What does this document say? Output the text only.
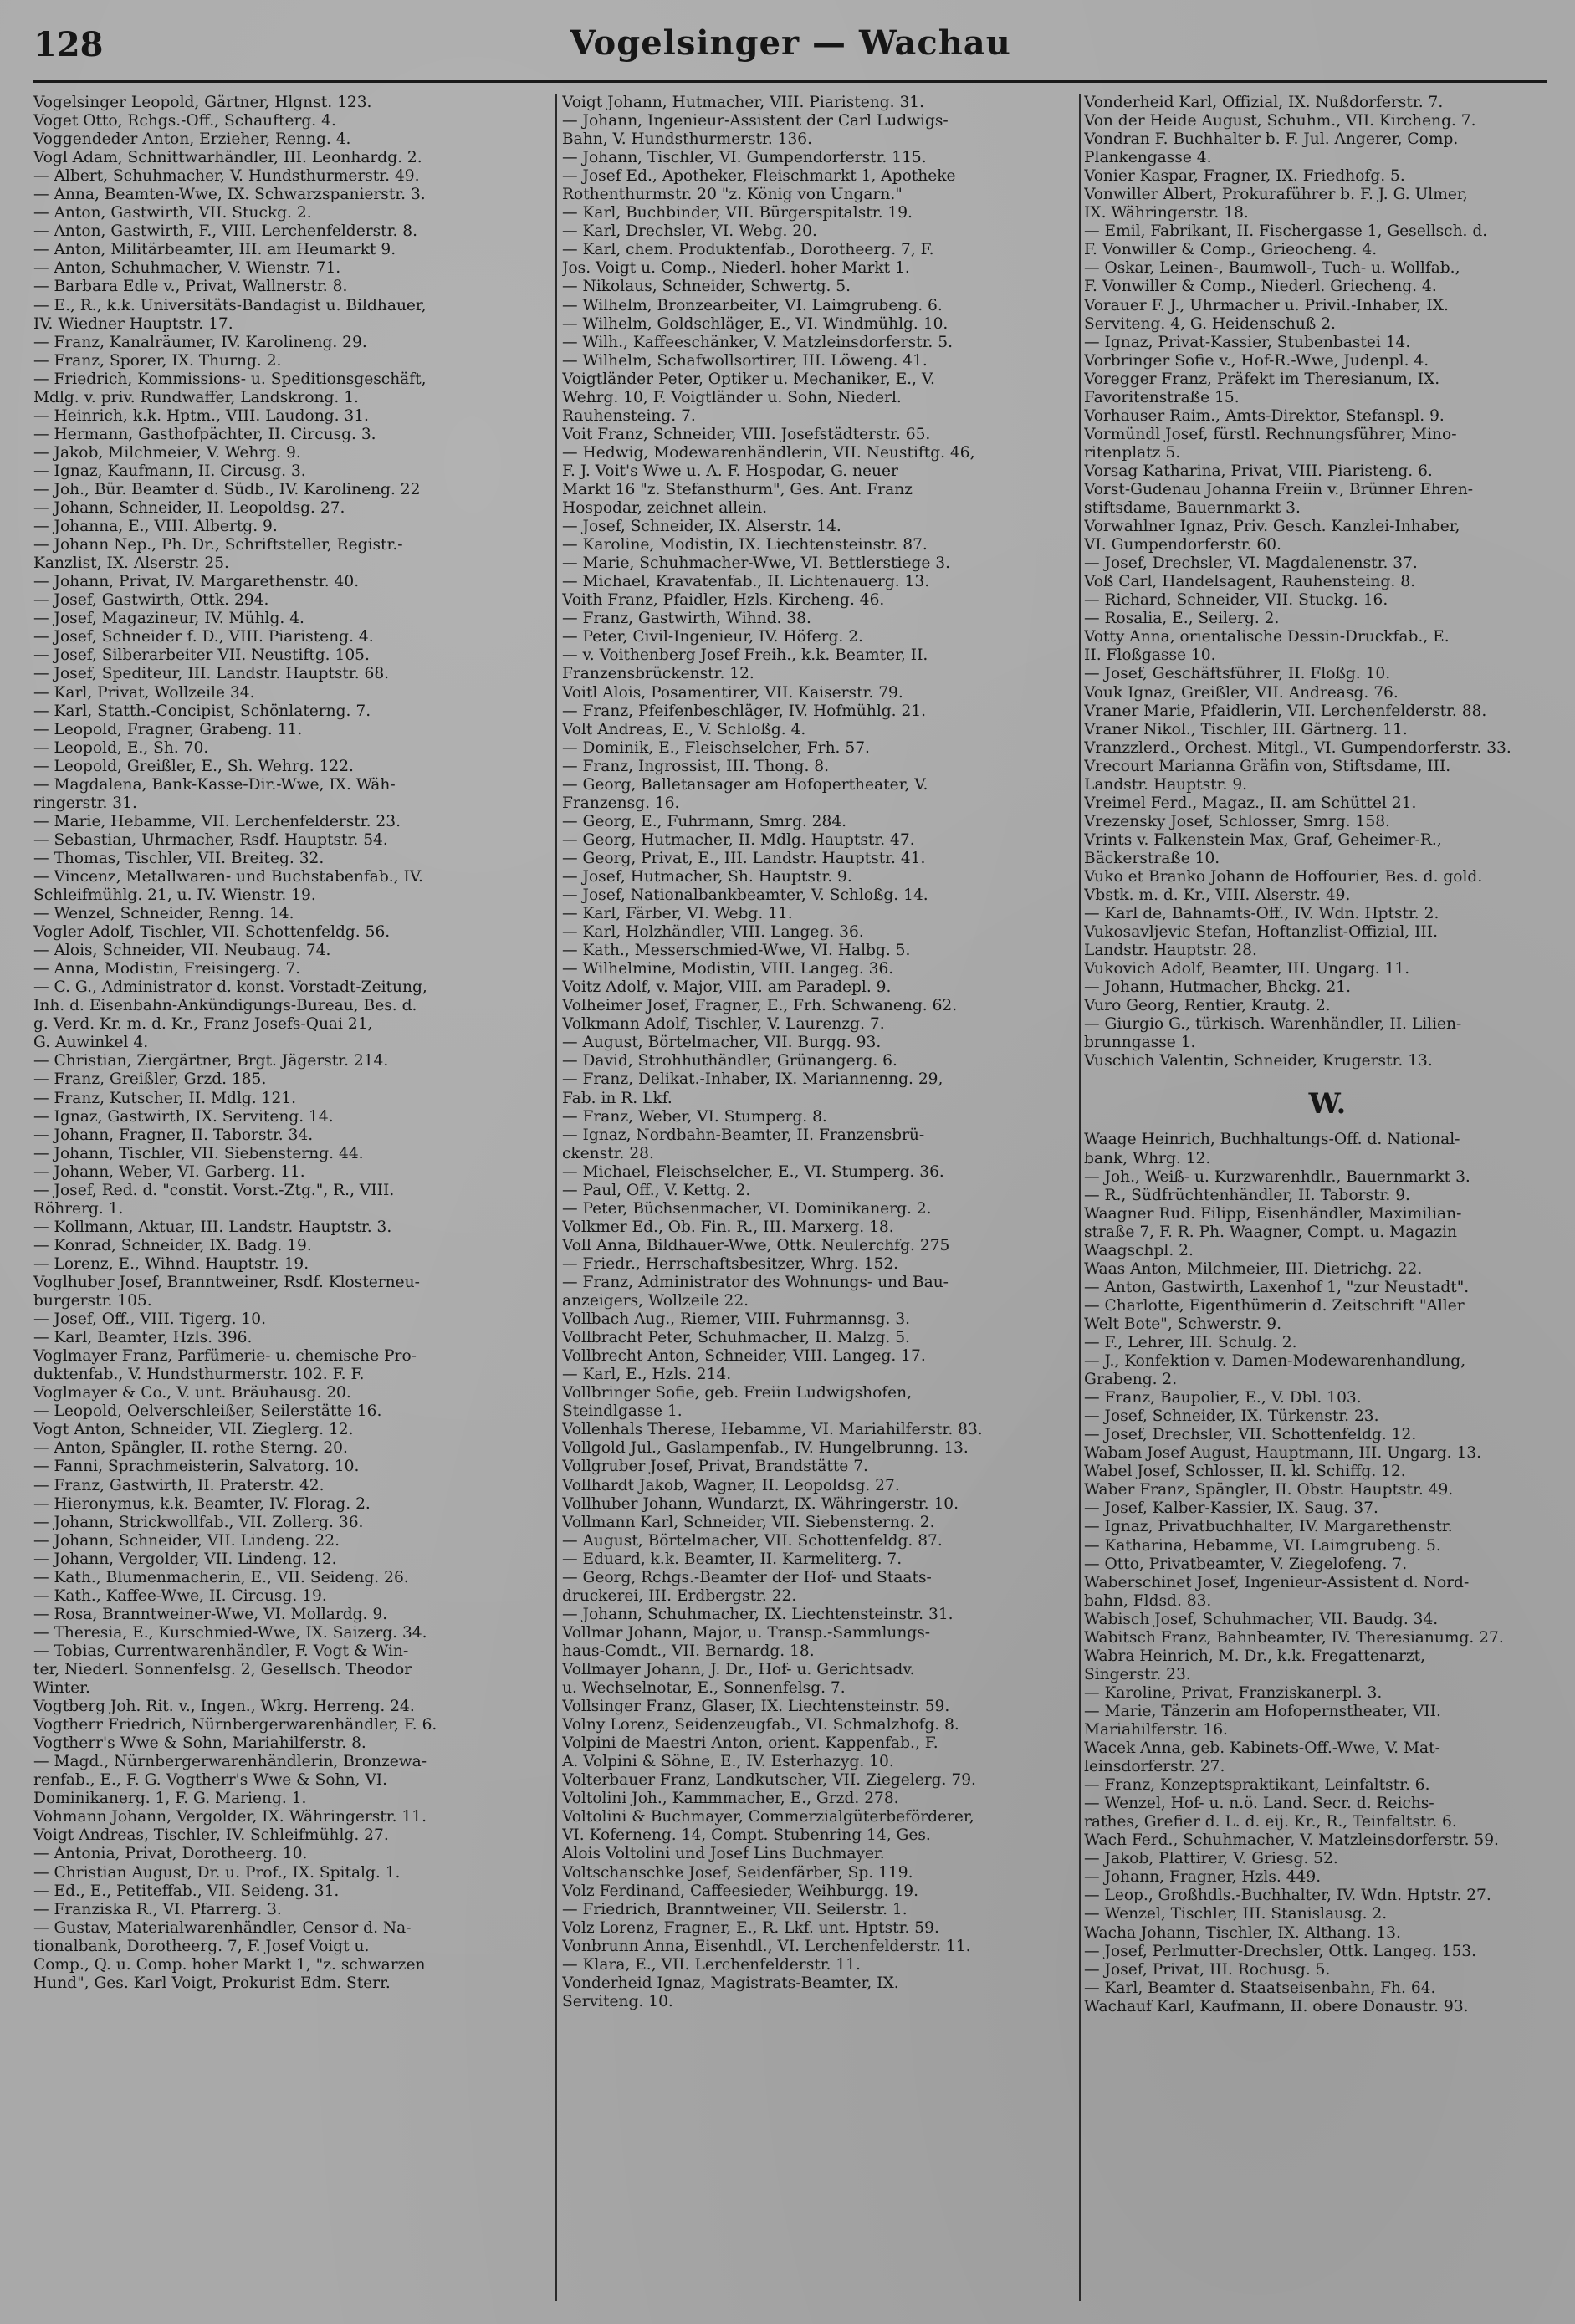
128	Vogelsinger — Wachau
Vogelsinger Leopold, Gärtner, Hlgnst. 123.
Voget Otto, Rchgs.-Off., Schaufterg. 4.
Voggendeder Anton, Erzieher, Renng. 4.
Vogl Adam, Schnittwarhändler, III. Leonhardg. 2.
— Albert, Schuhmacher, V. Hundsthurmerstr. 49.
— Anna, Beamten-Wwe, IX. Schwarzspanierstr. 3.
— Anton, Gastwirth, VII. Stuckg. 2.
— Anton, Gastwirth, F., VIII. Lerchenfelderstr. 8.
— Anton, Militärbeamter, III. am Heumarkt 9.
— Anton, Schuhmacher, V. Wienstr. 71.
— Barbara Edle v., Privat, Wallnerstr. 8.
— E., R., k.k. Universitäts-Bandagist u. Bildhauer,
IV. Wiedner Hauptstr. 17.
— Franz, Kanalräumer, IV. Karolineng. 29.
— Franz, Sporer, IX. Thurng. 2.
— Friedrich, Kommissions- u. Speditionsgeschäft,
Mdlg. v. priv. Rundwaffer, Landskrong. 1.
— Heinrich, k.k. Hptm., VIII. Laudong. 31.
— Hermann, Gasthofpächter, II. Circusg. 3.
— Jakob, Milchmeier, V. Wehrg. 9.
— Ignaz, Kaufmann, II. Circusg. 3.
— Joh., Bür. Beamter d. Südb., IV. Karolineng. 22
— Johann, Schneider, II. Leopoldsg. 27.
— Johanna, E., VIII. Albertg. 9.
— Johann Nep., Ph. Dr., Schriftsteller, Registr.-
Kanzlist, IX. Alserstr. 25.
— Johann, Privat, IV. Margarethenstr. 40.
— Josef, Gastwirth, Ottk. 294.
— Josef, Magazineur, IV. Mühlg. 4.
— Josef, Schneider f. D., VIII. Piaristeng. 4.
— Josef, Silberarbeiter VII. Neustiftg. 105.
— Josef, Spediteur, III. Landstr. Hauptstr. 68.
— Karl, Privat, Wollzeile 34.
— Karl, Statth.-Concipist, Schönlaterng. 7.
— Leopold, Fragner, Grabeng. 11.
— Leopold, E., Sh. 70.
— Leopold, Greißler, E., Sh. Wehrg. 122.
— Magdalena, Bank-Kasse-Dir.-Wwe, IX. Wäh-
ringerstr. 31.
— Marie, Hebamme, VII. Lerchenfelderstr. 23.
— Sebastian, Uhrmacher, Rsdf. Hauptstr. 54.
— Thomas, Tischler, VII. Breiteg. 32.
— Vincenz, Metallwaren- und Buchstabenfab., IV.
Schleifmühlg. 21, u. IV. Wienstr. 19.
— Wenzel, Schneider, Renng. 14.
Vogler Adolf, Tischler, VII. Schottenfeldg. 56.
— Alois, Schneider, VII. Neubaug. 74.
— Anna, Modistin, Freisingerg. 7.
— C. G., Administrator d. konst. Vorstadt-Zeitung,
Inh. d. Eisenbahn-Ankündigungs-Bureau, Bes. d.
g. Verd. Kr. m. d. Kr., Franz Josefs-Quai 21,
G. Auwinkel 4.
— Christian, Ziergärtner, Brgt. Jägerstr. 214.
— Franz, Greißler, Grzd. 185.
— Franz, Kutscher, II. Mdlg. 121.
— Ignaz, Gastwirth, IX. Serviteng. 14.
— Johann, Fragner, II. Taborstr. 34.
— Johann, Tischler, VII. Siebensterng. 44.
— Johann, Weber, VI. Garberg. 11.
— Josef, Red. d. "constit. Vorst.-Ztg.", R., VIII.
Röhrerg. 1.
— Kollmann, Aktuar, III. Landstr. Hauptstr. 3.
— Konrad, Schneider, IX. Badg. 19.
— Lorenz, E., Wihnd. Hauptstr. 19.
Voglhuber Josef, Branntweiner, Rsdf. Klosterneu-
burgerstr. 105.
— Josef, Off., VIII. Tigerg. 10.
— Karl, Beamter, Hzls. 396.
Voglmayer Franz, Parfümerie- u. chemische Pro-
duktenfab., V. Hundsthurmerstr. 102. F. F.
Voglmayer & Co., V. unt. Bräuhausg. 20.
— Leopold, Oelverschleißer, Seilerstätte 16.
Vogt Anton, Schneider, VII. Zieglerg. 12.
— Anton, Spängler, II. rothe Sterng. 20.
— Fanni, Sprachmeisterin, Salvatorg. 10.
— Franz, Gastwirth, II. Praterstr. 42.
— Hieronymus, k.k. Beamter, IV. Florag. 2.
— Johann, Strickwollfab., VII. Zollerg. 36.
— Johann, Schneider, VII. Lindeng. 22.
— Johann, Vergolder, VII. Lindeng. 12.
— Kath., Blumenmacherin, E., VII. Seideng. 26.
— Kath., Kaffee-Wwe, II. Circusg. 19.
— Rosa, Branntweiner-Wwe, VI. Mollardg. 9.
— Theresia, E., Kurschmied-Wwe, IX. Saizerg. 34.
— Tobias, Currentwarenhändler, F. Vogt & Win-
ter, Niederl. Sonnenfelsg. 2, Gesellsch. Theodor
Winter.
Vogtberg Joh. Rit. v., Ingen., Wkrg. Herreng. 24.
Vogtherr Friedrich, Nürnbergerwarenhändler, F. 6.
Vogtherr's Wwe & Sohn, Mariahilferstr. 8.
— Magd., Nürnbergerwarenhändlerin, Bronzewa-
renfab., E., F. G. Vogtherr's Wwe & Sohn, VI.
Dominikanerg. 1, F. G. Marieng. 1.
Vohmann Johann, Vergolder, IX. Währingerstr. 11.
Voigt Andreas, Tischler, IV. Schleifmühlg. 27.
— Antonia, Privat, Dorotheerg. 10.
— Christian August, Dr. u. Prof., IX. Spitalg. 1.
— Ed., E., Petiteffab., VII. Seideng. 31.
— Franziska R., VI. Pfarrerg. 3.
— Gustav, Materialwarenhändler, Censor d. Na-
tionalbank, Dorotheerg. 7, F. Josef Voigt u.
Comp., Q. u. Comp. hoher Markt 1, "z. schwarzen
Hund", Ges. Karl Voigt, Prokurist Edm. Sterr.
Voigt Johann, Hutmacher, VIII. Piaristeng. 31.
— Johann, Ingenieur-Assistent der Carl Ludwigs-
Bahn, V. Hundsthurmerstr. 136.
— Johann, Tischler, VI. Gumpendorferstr. 115.
— Josef Ed., Apotheker, Fleischmarkt 1, Apotheke
Rothenthurmstr. 20 "z. König von Ungarn."
— Karl, Buchbinder, VII. Bürgerspitalstr. 19.
— Karl, Drechsler, VI. Webg. 20.
— Karl, chem. Produktenfab., Dorotheerg. 7, F.
Jos. Voigt u. Comp., Niederl. hoher Markt 1.
— Nikolaus, Schneider, Schwertg. 5.
— Wilhelm, Bronzearbeiter, VI. Laimgrubeng. 6.
— Wilhelm, Goldschläger, E., VI. Windmühlg. 10.
— Wilh., Kaffeeschänker, V. Matzleinsdorferstr. 5.
— Wilhelm, Schafwollsortirer, III. Löweng. 41.
Voigtländer Peter, Optiker u. Mechaniker, E., V.
Wehrg. 10, F. Voigtländer u. Sohn, Niederl.
Rauhensteing. 7.
Voit Franz, Schneider, VIII. Josefstädterstr. 65.
— Hedwig, Modewarenhändlerin, VII. Neustiftg. 46,
F. J. Voit's Wwe u. A. F. Hospodar, G. neuer
Markt 16 "z. Stefansthurm", Ges. Ant. Franz
Hospodar, zeichnet allein.
— Josef, Schneider, IX. Alserstr. 14.
— Karoline, Modistin, IX. Liechtensteinstr. 87.
— Marie, Schuhmacher-Wwe, VI. Bettlerstiege 3.
— Michael, Kravatenfab., II. Lichtenauerg. 13.
Voith Franz, Pfaidler, Hzls. Kircheng. 46.
— Franz, Gastwirth, Wihnd. 38.
— Peter, Civil-Ingenieur, IV. Höferg. 2.
— v. Voithenberg Josef Freih., k.k. Beamter, II.
Franzensbrückenstr. 12.
Voitl Alois, Posamentirer, VII. Kaiserstr. 79.
— Franz, Pfeifenbeschläger, IV. Hofmühlg. 21.
Volt Andreas, E., V. Schloßg. 4.
— Dominik, E., Fleischselcher, Frh. 57.
— Franz, Ingrossist, III. Thong. 8.
— Georg, Balletansager am Hofopertheater, V.
Franzensg. 16.
— Georg, E., Fuhrmann, Smrg. 284.
— Georg, Hutmacher, II. Mdlg. Hauptstr. 47.
— Georg, Privat, E., III. Landstr. Hauptstr. 41.
— Josef, Hutmacher, Sh. Hauptstr. 9.
— Josef, Nationalbankbeamter, V. Schloßg. 14.
— Karl, Färber, VI. Webg. 11.
— Karl, Holzhändler, VIII. Langeg. 36.
— Kath., Messerschmied-Wwe, VI. Halbg. 5.
— Wilhelmine, Modistin, VIII. Langeg. 36.
Voitz Adolf, v. Major, VIII. am Paradepl. 9.
Volheimer Josef, Fragner, E., Frh. Schwaneng. 62.
Volkmann Adolf, Tischler, V. Laurenzg. 7.
— August, Börtelmacher, VII. Burgg. 93.
— David, Strohhuthändler, Grünangerg. 6.
— Franz, Delikat.-Inhaber, IX. Mariannenng. 29,
Fab. in R. Lkf.
— Franz, Weber, VI. Stumperg. 8.
— Ignaz, Nordbahn-Beamter, II. Franzensbrü-
ckenstr. 28.
— Michael, Fleischselcher, E., VI. Stumperg. 36.
— Paul, Off., V. Kettg. 2.
— Peter, Büchsenmacher, VI. Dominikanerg. 2.
Volkmer Ed., Ob. Fin. R., III. Marxerg. 18.
Voll Anna, Bildhauer-Wwe, Ottk. Neulerchfg. 275
— Friedr., Herrschaftsbesitzer, Whrg. 152.
— Franz, Administrator des Wohnungs- und Bau-
anzeigers, Wollzeile 22.
Vollbach Aug., Riemer, VIII. Fuhrmannsg. 3.
Vollbracht Peter, Schuhmacher, II. Malzg. 5.
Vollbrecht Anton, Schneider, VIII. Langeg. 17.
— Karl, E., Hzls. 214.
Vollbringer Sofie, geb. Freiin Ludwigshofen,
Steindlgasse 1.
Vollenhals Therese, Hebamme, VI. Mariahilferstr. 83.
Vollgold Jul., Gaslampenfab., IV. Hungelbrunng. 13.
Vollgruber Josef, Privat, Brandstätte 7.
Vollhardt Jakob, Wagner, II. Leopoldsg. 27.
Vollhuber Johann, Wundarzt, IX. Währingerstr. 10.
Vollmann Karl, Schneider, VII. Siebensterng. 2.
— August, Börtelmacher, VII. Schottenfeldg. 87.
— Eduard, k.k. Beamter, II. Karmeliterg. 7.
— Georg, Rchgs.-Beamter der Hof- und Staats-
druckerei, III. Erdbergstr. 22.
— Johann, Schuhmacher, IX. Liechtensteinstr. 31.
Vollmar Johann, Major, u. Transp.-Sammlungs-
haus-Comdt., VII. Bernardg. 18.
Vollmayer Johann, J. Dr., Hof- u. Gerichtsadv.
u. Wechselnotar, E., Sonnenfelsg. 7.
Vollsinger Franz, Glaser, IX. Liechtensteinstr. 59.
Volny Lorenz, Seidenzeugfab., VI. Schmalzhofg. 8.
Volpini de Maestri Anton, orient. Kappenfab., F.
A. Volpini & Söhne, E., IV. Esterhazyg. 10.
Volterbauer Franz, Landkutscher, VII. Ziegelerg. 79.
Voltolini Joh., Kammmacher, E., Grzd. 278.
Voltolini & Buchmayer, Commerzialgüterbeförderer,
VI. Koferneng. 14, Compt. Stubenring 14, Ges.
Alois Voltolini und Josef Lins Buchmayer.
Voltschanschke Josef, Seidenfärber, Sp. 119.
Volz Ferdinand, Caffeesieder, Weihburgg. 19.
— Friedrich, Branntweiner, VII. Seilerstr. 1.
Volz Lorenz, Fragner, E., R. Lkf. unt. Hptstr. 59.
Vonbrunn Anna, Eisenhdl., VI. Lerchenfelderstr. 11.
— Klara, E., VII. Lerchenfelderstr. 11.
Vonderheid Ignaz, Magistrats-Beamter, IX.
Serviteng. 10.
Vonderheid Karl, Offizial, IX. Nußdorferstr. 7.
Von der Heide August, Schuhm., VII. Kircheng. 7.
Vondran F. Buchhalter b. F. Jul. Angerer, Comp.
Plankengasse 4.
Vonier Kaspar, Fragner, IX. Friedhofg. 5.
Vonwiller Albert, Prokuraführer b. F. J. G. Ulmer,
IX. Währingerstr. 18.
— Emil, Fabrikant, II. Fischergasse 1, Gesellsch. d.
F. Vonwiller & Comp., Grieocheng. 4.
— Oskar, Leinen-, Baumwoll-, Tuch- u. Wollfab.,
F. Vonwiller & Comp., Niederl. Griecheng. 4.
Vorauer F. J., Uhrmacher u. Privil.-Inhaber, IX.
Serviteng. 4, G. Heidenschuß 2.
— Ignaz, Privat-Kassier, Stubenbastei 14.
Vorbringer Sofie v., Hof-R.-Wwe, Judenpl. 4.
Voregger Franz, Präfekt im Theresianum, IX.
Favoritenstraße 15.
Vorhauser Raim., Amts-Direktor, Stefanspl. 9.
Vormündl Josef, fürstl. Rechnungsführer, Mino-
ritenplatz 5.
Vorsag Katharina, Privat, VIII. Piaristeng. 6.
Vorst-Gudenau Johanna Freiin v., Brünner Ehren-
stiftsdame, Bauernmarkt 3.
Vorwahlner Ignaz, Priv. Gesch. Kanzlei-Inhaber,
VI. Gumpendorferstr. 60.
— Josef, Drechsler, VI. Magdalenenstr. 37.
Voß Carl, Handelsagent, Rauhensteing. 8.
— Richard, Schneider, VII. Stuckg. 16.
— Rosalia, E., Seilerg. 2.
Votty Anna, orientalische Dessin-Druckfab., E.
II. Floßgasse 10.
— Josef, Geschäftsführer, II. Floßg. 10.
Vouk Ignaz, Greißler, VII. Andreasg. 76.
Vraner Marie, Pfaidlerin, VII. Lerchenfelderstr. 88.
Vraner Nikol., Tischler, III. Gärtnerg. 11.
Vranzzlerd., Orchest. Mitgl., VI. Gumpendorferstr. 33.
Vrecourt Marianna Gräfin von, Stiftsdame, III.
Landstr. Hauptstr. 9.
Vreimel Ferd., Magaz., II. am Schüttel 21.
Vrezensky Josef, Schlosser, Smrg. 158.
Vrints v. Falkenstein Max, Graf, Geheimer-R.,
Bäckerstraße 10.
Vuko et Branko Johann de Hoffourier, Bes. d. gold.
Vbstk. m. d. Kr., VIII. Alserstr. 49.
— Karl de, Bahnamts-Off., IV. Wdn. Hptstr. 2.
Vukosavljevic Stefan, Hoftanzlist-Offizial, III.
Landstr. Hauptstr. 28.
Vukovich Adolf, Beamter, III. Ungarg. 11.
— Johann, Hutmacher, Bhckg. 21.
Vuro Georg, Rentier, Krautg. 2.
— Giurgio G., türkisch. Warenhändler, II. Lilien-
brunngasse 1.
Vuschich Valentin, Schneider, Krugerstr. 13.
W.
Waage Heinrich, Buchhaltungs-Off. d. National-
bank, Whrg. 12.
— Joh., Weiß- u. Kurzwarenhdlr., Bauernmarkt 3.
— R., Südfrüchtenhändler, II. Taborstr. 9.
Waagner Rud. Filipp, Eisenhändler, Maximilian-
straße 7, F. R. Ph. Waagner, Compt. u. Magazin
Waagschpl. 2.
Waas Anton, Milchmeier, III. Dietrichg. 22.
— Anton, Gastwirth, Laxenhof 1, "zur Neustadt".
— Charlotte, Eigenthümerin d. Zeitschrift "Aller
Welt Bote", Schwerstr. 9.
— F., Lehrer, III. Schulg. 2.
— J., Konfektion v. Damen-Modewarenhandlung,
Grabeng. 2.
— Franz, Baupolier, E., V. Dbl. 103.
— Josef, Schneider, IX. Türkenstr. 23.
— Josef, Drechsler, VII. Schottenfeldg. 12.
Wabam Josef August, Hauptmann, III. Ungarg. 13.
Wabel Josef, Schlosser, II. kl. Schiffg. 12.
Waber Franz, Spängler, II. Obstr. Hauptstr. 49.
— Josef, Kalber-Kassier, IX. Saug. 37.
— Ignaz, Privatbuchhalter, IV. Margarethenstr.
— Katharina, Hebamme, VI. Laimgrubeng. 5.
— Otto, Privatbeamter, V. Ziegelofeng. 7.
Waberschinet Josef, Ingenieur-Assistent d. Nord-
bahn, Fldsd. 83.
Wabisch Josef, Schuhmacher, VII. Baudg. 34.
Wabitsch Franz, Bahnbeamter, IV. Theresianumg. 27.
Wabra Heinrich, M. Dr., k.k. Fregattenarzt,
Singerstr. 23.
— Karoline, Privat, Franziskanerpl. 3.
— Marie, Tänzerin am Hofopernstheater, VII.
Mariahilferstr. 16.
Wacek Anna, geb. Kabinets-Off.-Wwe, V. Mat-
leinsdorferstr. 27.
— Franz, Konzeptspraktikant, Leinfaltstr. 6.
— Wenzel, Hof- u. n.ö. Land. Secr. d. Reichs-
rathes, Grefier d. L. d. eij. Kr., R., Teinfaltstr. 6.
Wach Ferd., Schuhmacher, V. Matzleinsdorferstr. 59.
— Jakob, Plattirer, V. Griesg. 52.
— Johann, Fragner, Hzls. 449.
— Leop., Großhdls.-Buchhalter, IV. Wdn. Hptstr. 27.
— Wenzel, Tischler, III. Stanislausg. 2.
Wacha Johann, Tischler, IX. Althang. 13.
— Josef, Perlmutter-Drechsler, Ottk. Langeg. 153.
— Josef, Privat, III. Rochusg. 5.
— Karl, Beamter d. Staatseisenbahn, Fh. 64.
Wachauf Karl, Kaufmann, II. obere Donaustr. 93.
